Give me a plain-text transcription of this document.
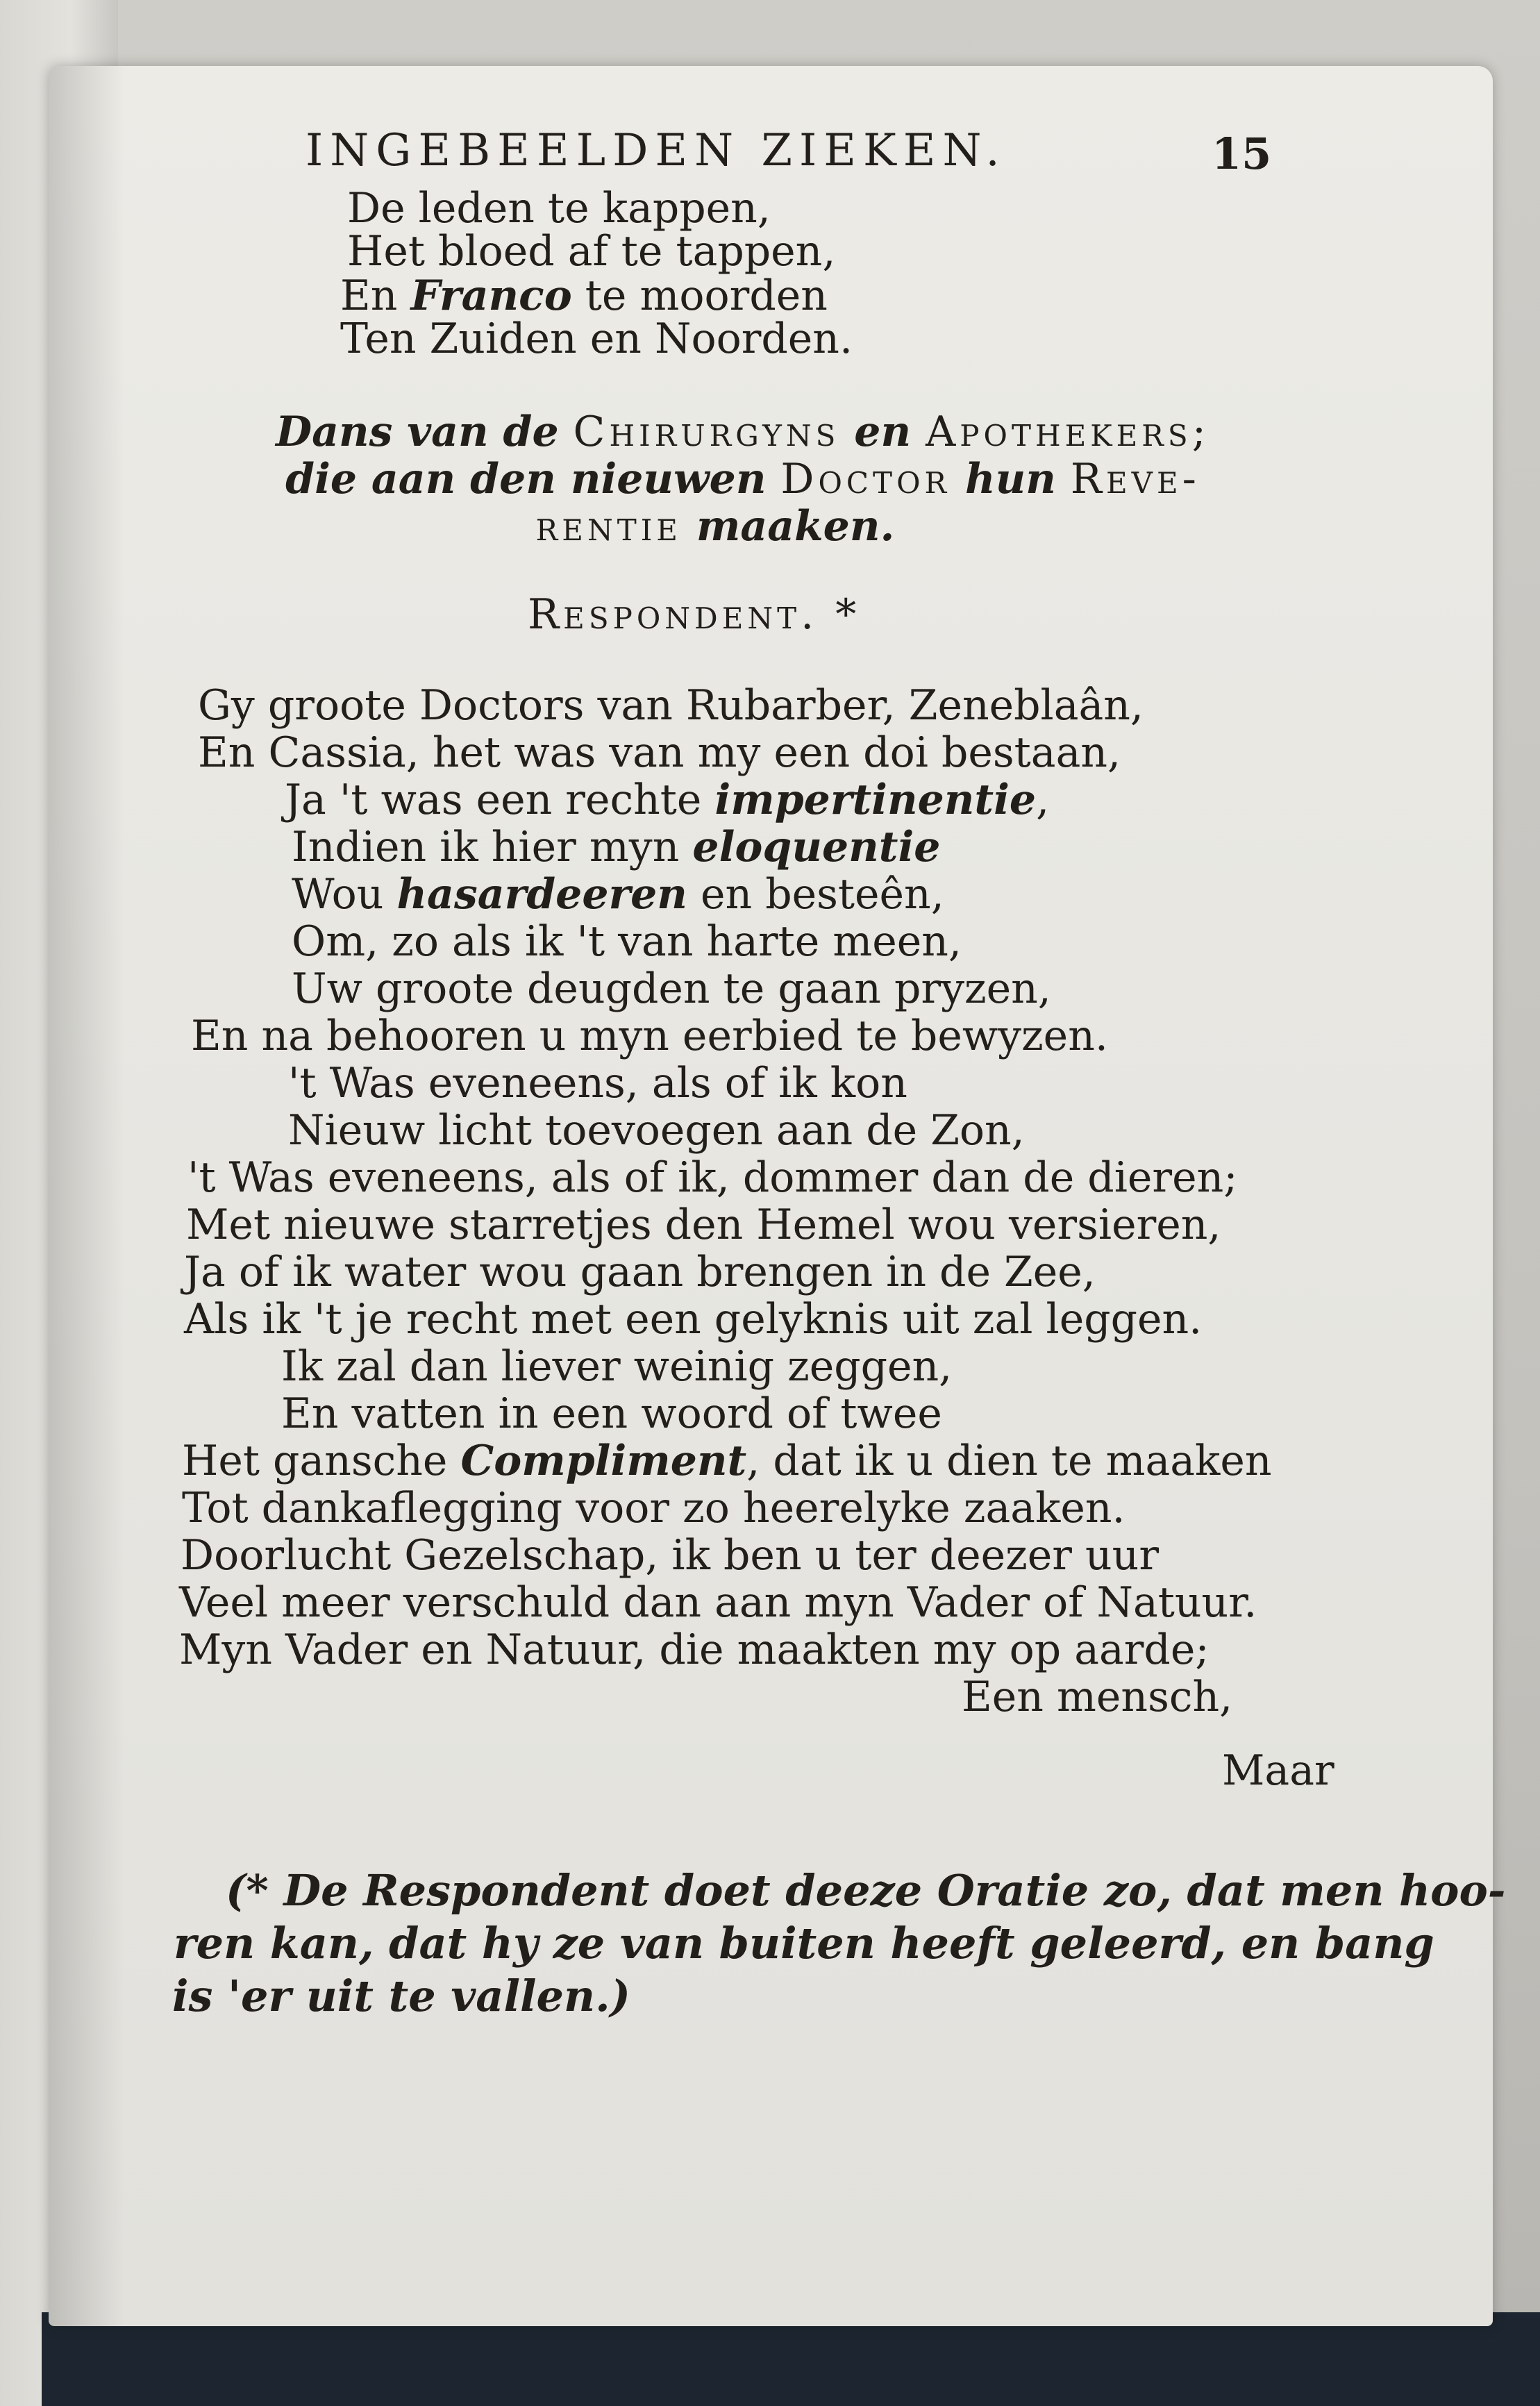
INGEBEELDEN ZIEKEN.	15
De leden te kappen,
Het bloed af te tappen,
En Franco te moorden
Ten Zuiden en Noorden.
Dans van de Chirurgyns en Apothekers;
die aan den nieuwen Doctor hun Reve-
rentie maaken.
Respondent. *
Gy groote Doctors van Rubarber, Zeneblaân,
En Cassia, het was van my een doi bestaan,
Ja 't was een rechte impertinentie,
Indien ik hier myn eloquentie
Wou hasardeeren en besteên,
Om, zo als ik 't van harte meen,
Uw groote deugden te gaan pryzen,
En na behooren u myn eerbied te bewyzen.
't Was eveneens, als of ik kon
Nieuw licht toevoegen aan de Zon,
't Was eveneens, als of ik, dommer dan de dieren;
Met nieuwe starretjes den Hemel wou versieren,
Ja of ik water wou gaan brengen in de Zee,
Als ik 't je recht met een gelyknis uit zal leggen.
Ik zal dan liever weinig zeggen,
En vatten in een woord of twee
Het gansche Compliment, dat ik u dien te maaken
Tot dankaflegging voor zo heerelyke zaaken.
Doorlucht Gezelschap, ik ben u ter deezer uur
Veel meer verschuld dan aan myn Vader of Natuur.
Myn Vader en Natuur, die maakten my op aarde;
Een mensch,
Maar
(* De Respondent doet deeze Oratie zo, dat men hoo-
ren kan, dat hy ze van buiten heeft geleerd, en bang
is 'er uit te vallen.)
